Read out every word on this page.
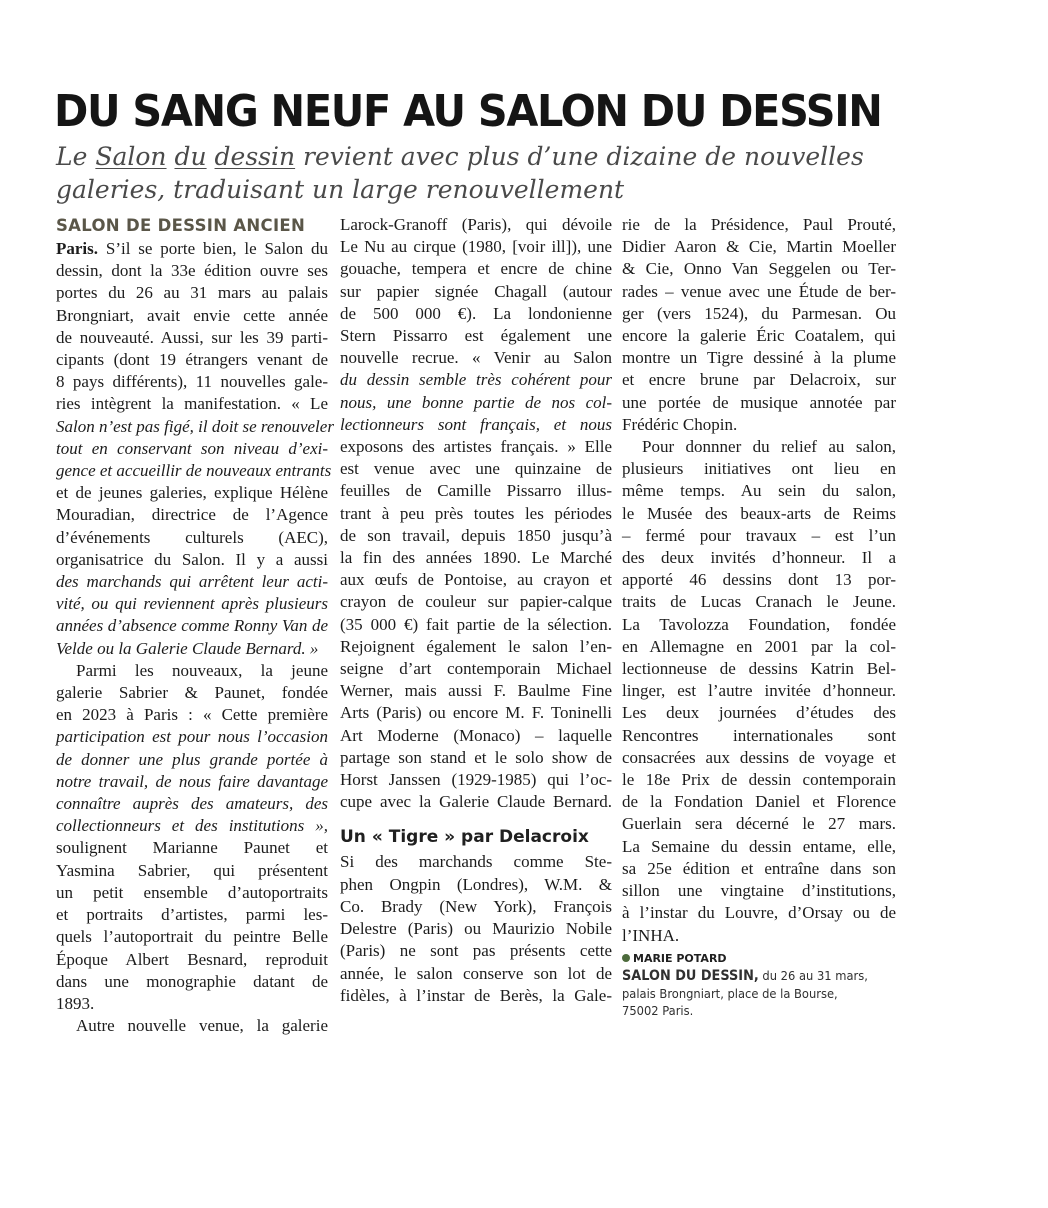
DU SANG NEUF AU SALON DU DESSIN
Le Salon du dessin revient avec plus d’une dizaine de nouvelles
galeries, traduisant un large renouvellement
SALON DE DESSIN ANCIEN
Paris. S’il se porte bien, le Salon du
dessin, dont la 33e édition ouvre ses
portes du 26 au 31 mars au palais
Brongniart, avait envie cette année
de nouveauté. Aussi, sur les 39 parti-
cipants (dont 19 étrangers venant de
8 pays différents), 11 nouvelles gale-
ries intègrent la manifestation. « Le
Salon n’est pas figé, il doit se renouveler
tout en conservant son niveau d’exi-
gence et accueillir de nouveaux entrants
et de jeunes galeries, explique Hélène
Mouradian, directrice de l’Agence
d’événements culturels (AEC),
organisatrice du Salon. Il y a aussi
des marchands qui arrêtent leur acti-
vité, ou qui reviennent après plusieurs
années d’absence comme Ronny Van de
Velde ou la Galerie Claude Bernard. »
Parmi les nouveaux, la jeune
galerie Sabrier & Paunet, fondée
en 2023 à Paris : « Cette première
participation est pour nous l’occasion
de donner une plus grande portée à
notre travail, de nous faire davantage
connaître auprès des amateurs, des
collectionneurs et des institutions »,
soulignent Marianne Paunet et
Yasmina Sabrier, qui présentent
un petit ensemble d’autoportraits
et portraits d’artistes, parmi les-
quels l’autoportrait du peintre Belle
Époque Albert Besnard, reproduit
dans une monographie datant de
1893.
Autre nouvelle venue, la galerie
Larock-Granoff (Paris), qui dévoile
Le Nu au cirque (1980, [voir ill]), une
gouache, tempera et encre de chine
sur papier signée Chagall (autour
de 500 000 €). La londonienne
Stern Pissarro est également une
nouvelle recrue. « Venir au Salon
du dessin semble très cohérent pour
nous, une bonne partie de nos col-
lectionneurs sont français, et nous
exposons des artistes français. » Elle
est venue avec une quinzaine de
feuilles de Camille Pissarro illus-
trant à peu près toutes les périodes
de son travail, depuis 1850 jusqu’à
la fin des années 1890. Le Marché
aux œufs de Pontoise, au crayon et
crayon de couleur sur papier-calque
(35 000 €) fait partie de la sélection.
Rejoignent également le salon l’en-
seigne d’art contemporain Michael
Werner, mais aussi F. Baulme Fine
Arts (Paris) ou encore M. F. Toninelli
Art Moderne (Monaco) – laquelle
partage son stand et le solo show de
Horst Janssen (1929-1985) qui l’oc-
cupe avec la Galerie Claude Bernard.
Un « Tigre » par Delacroix
Si des marchands comme Ste-
phen Ongpin (Londres), W.M. &
Co. Brady (New York), François
Delestre (Paris) ou Maurizio Nobile
(Paris) ne sont pas présents cette
année, le salon conserve son lot de
fidèles, à l’instar de Berès, la Gale-
rie de la Présidence, Paul Prouté,
Didier Aaron & Cie, Martin Moeller
& Cie, Onno Van Seggelen ou Ter-
rades – venue avec une Étude de ber-
ger (vers 1524), du Parmesan. Ou
encore la galerie Éric Coatalem, qui
montre un Tigre dessiné à la plume
et encre brune par Delacroix, sur
une portée de musique annotée par
Frédéric Chopin.
Pour donnner du relief au salon,
plusieurs initiatives ont lieu en
même temps. Au sein du salon,
le Musée des beaux-arts de Reims
– fermé pour travaux – est l’un
des deux invités d’honneur. Il a
apporté 46 dessins dont 13 por-
traits de Lucas Cranach le Jeune.
La Tavolozza Foundation, fondée
en Allemagne en 2001 par la col-
lectionneuse de dessins Katrin Bel-
linger, est l’autre invitée d’honneur.
Les deux journées d’études des
Rencontres internationales sont
consacrées aux dessins de voyage et
le 18e Prix de dessin contemporain
de la Fondation Daniel et Florence
Guerlain sera décerné le 27 mars.
La Semaine du dessin entame, elle,
sa 25e édition et entraîne dans son
sillon une vingtaine d’institutions,
à l’instar du Louvre, d’Orsay ou de
l’INHA.
MARIE POTARD
SALON DU DESSIN, du 26 au 31 mars,
palais Brongniart, place de la Bourse,
75002 Paris.
